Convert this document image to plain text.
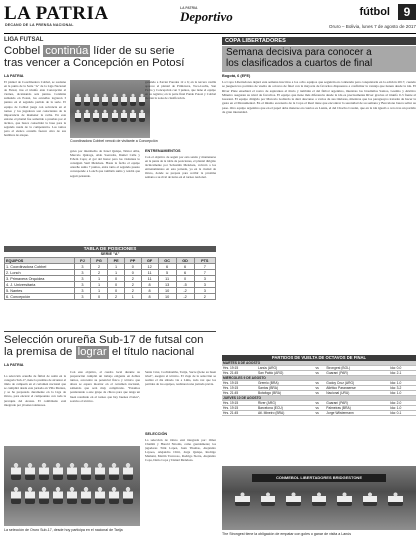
LA PATRIA
DECANO DE LA PRENSA NACIONAL
LA PATRIA
Deportivo	fútbol	9
Oruro – Bolivia, lunes 7 de agosto de 2017
LIGA FUTSAL
Cobbel continúa líder de su serie
tras vencer a Concepción en Potosí
LA PATRIA
El plantel de Coordinadora Cobbel, se sostiene en la punta de la Serie "A" de la Liga Nacional de Futsal, tras el triunfo ante Concepción el viernes, alcanzando seis puntos. Continúa sumando en Potosí, los orureños lograron 3 puntos en el segundo partido de la serie. El equipo de Cobbel juega con solvencia en el torneo y los jugadores son conscientes de la importancia de mantener la racha. En este estreno el plantel fue sometido a pruebas por el técnico, que busca consolidar la base para la segunda rueda de la competencia. Los tantos para el elenco orureño fueron obra de sus hombres de ataque.
Coordinadora Cobbel venció de visitante a Concepción
goles por intermedio de Israel Quispe, Néstor Alba, Marcelo Quiroga, Aldo Saavedra, Daniel Calle y Edwin Copa; el gol del honor para los visitantes lo consiguió Saúl Mendoza. Hasta la fecha el equipo orureño suma 7 puntos, entre tanto el segundo puesto corresponde a Lonch que también suma y tendrá que seguir peleando.
ganando a Xavier Paredes 12 a 6; en la tercera casilla aparece el plantel de Primavera, Toco-Lucha, San Pedro y Concepción con 3 puntos, que tiene el equipo en su registro; en la parte final Pando Potosí y Cobbel cierran la zona de clasificación.
ENTRENAMIENTOS
Con el objetivo de seguir por esta senda y mantenerse en la punta de la tabla de posiciones, el plantel dirigido técnicamente por Sebastián Mendoza, volverá a los entrenamientos en esta jornada, ya en la ciudad de Oruro, donde se prepara para recibir la próxima semana a su rival de turno en el torneo nacional.
TABLA DE POSICIONES
SERIE "A"
EQUIPOS	PJ	PG	PE	PP	GF	GC	GD	PTS
1. Coordinadora Cobbel	3	2	1	0	12	6	6	7
2. Lonch	3	2	1	0	11	5	6	7
3. Primavera Orquídea	3	1	0	2	11	11	0	3
4. J. Universitaria	3	1	0	2	8	13	-5	3
5. Nantes	3	1	0	2	8	10	-2	3
6. Concepción	3	0	2	1	8	10	-2	2
Selección orureña Sub-17 de futsal con
la premisa de lograr el título nacional
LA PATRIA
La selección orureña de fútbol de salón en la categoría Sub-17, tiene la premisa de alcanzar el título de campeón en el certamen nacional que se cumplirá desde esta jornada en Villa Montes, y se ha preparado duramente en la Liga de Oruro, para encarar el campeonato con toda la jerarquía del Arasus. El combinado está integrado por jóvenes talentosos.
Con este objetivo, el cuadro local durante su preparación cumplió un trabajo exigente en dobles turnos, acrecentó su potencial físico y técnico que ahora se espera mostrar en el certamen nacional, sabiendo que será muy complicado. "Estamos ponderando a este grupo de chicos para que tenga un buen resultado en el torneo que hay buenos rivales", sostuvo el técnico.
Santa Cruz, Cochabamba, Tarija, Sucre (tiene su buen nivel", aseguró el técnico. El viaje de la selección se realizó el día sábado vía a Lima, toda vez que los partidos de los equipos, realizaron una jornada previa.
SELECCIÓN
La selección de Oruro está integrada por: Omar Chambi y Harold Nicolás, como guardametas; los jugadores Trini López, Juan Thomas, Alejandro Layaoa, Alejandro Chiri, Jorge Quispe, Rodrigo Mamani, Martín Troncoso, Rodrigo Sierra, Alejandro Copa, Darío Copa y Daniel Mendoza.
La selección de Oruro Sub-17, desde hoy participa en el nacional de Tarija
COPA LIBERTADORES
Semana decisiva para conocer a
los clasificados a cuartos de final
Bogotá, 6 (EFE)
La Copa Libertadores dejará esta semana inscritos a los ocho equipos que seguirán en contienda para conquistarla en la edición 2017, cuando se jueguen los partidos de vuelta de octavos de final con la mayoría de favoritos dispuestos a confirmar la ventaja que tienen desde la ida. El River Plate enseñará el rostro de aspirantes al título y también el del fútbol argentino, mientras los brasileños Santos, Gremio y Atlético Mineiro aseguran su nivel de favoritos. El equipo que tiene más diferencia desde la ida es precisamente River gracias al triunfo 0-3 frente al Guaraní. El equipo dirigido por Marcelo Gallardo le dará descanso a varios de sus titulares, mientras que los paraguayos tratarán de hacer la gesta en el Monumental. En el mismo escenario de la Copa el Real tiene que encontrar la serenidad de su semana y Barcelona busca sellar su pase. Otro equipo argentino que en el papel debe meterse en cuartos es Lanús, el del Chacho Coudet, que en la ida igualó a cero tras un partido de gran intensidad.
PARTIDOS DE VUELTA DE OCTAVOS DE FINAL
MARTES 8 DE AGOSTO				
Hrs. 19:15	Lanús (ARG)	vs	Strongest (BOL)	Ida: 0-0
Hrs. 21:45	San Pablo (ARG)	vs	Guaraní (PAR)	Ida: 2-1
MIÉRCOLES 9 DE AGOSTO				
Hrs. 19:15	Gremio (BRA)	vs	Godoy Cruz (ARG)	Ida: 1-0
Hrs. 19:15	Santos (BRA)	vs	Atlético Paranaense	Ida: 3-2
Hrs. 21:45	Botafogo (BRA)	vs	Nacional (URU)	Ida: 1-0
JUEVES 10 DE AGOSTO				
Hrs. 19:15	River (ARG)	vs	Guaraní (PAR)	Ida: 2-0
Hrs. 19:15	Barcelona (ECU)	vs	Palmeiras (BRA)	Ida: 1-0
Hrs. 21:45	Atl. Mineiro (BRA)	vs	Jorge Wilstermann	Ida: 0-1
CONMEBOL LIBERTADORES BRIDGESTONE
The Strongest tiene la obligación de empatar con goles o ganar de visita a Lanús
